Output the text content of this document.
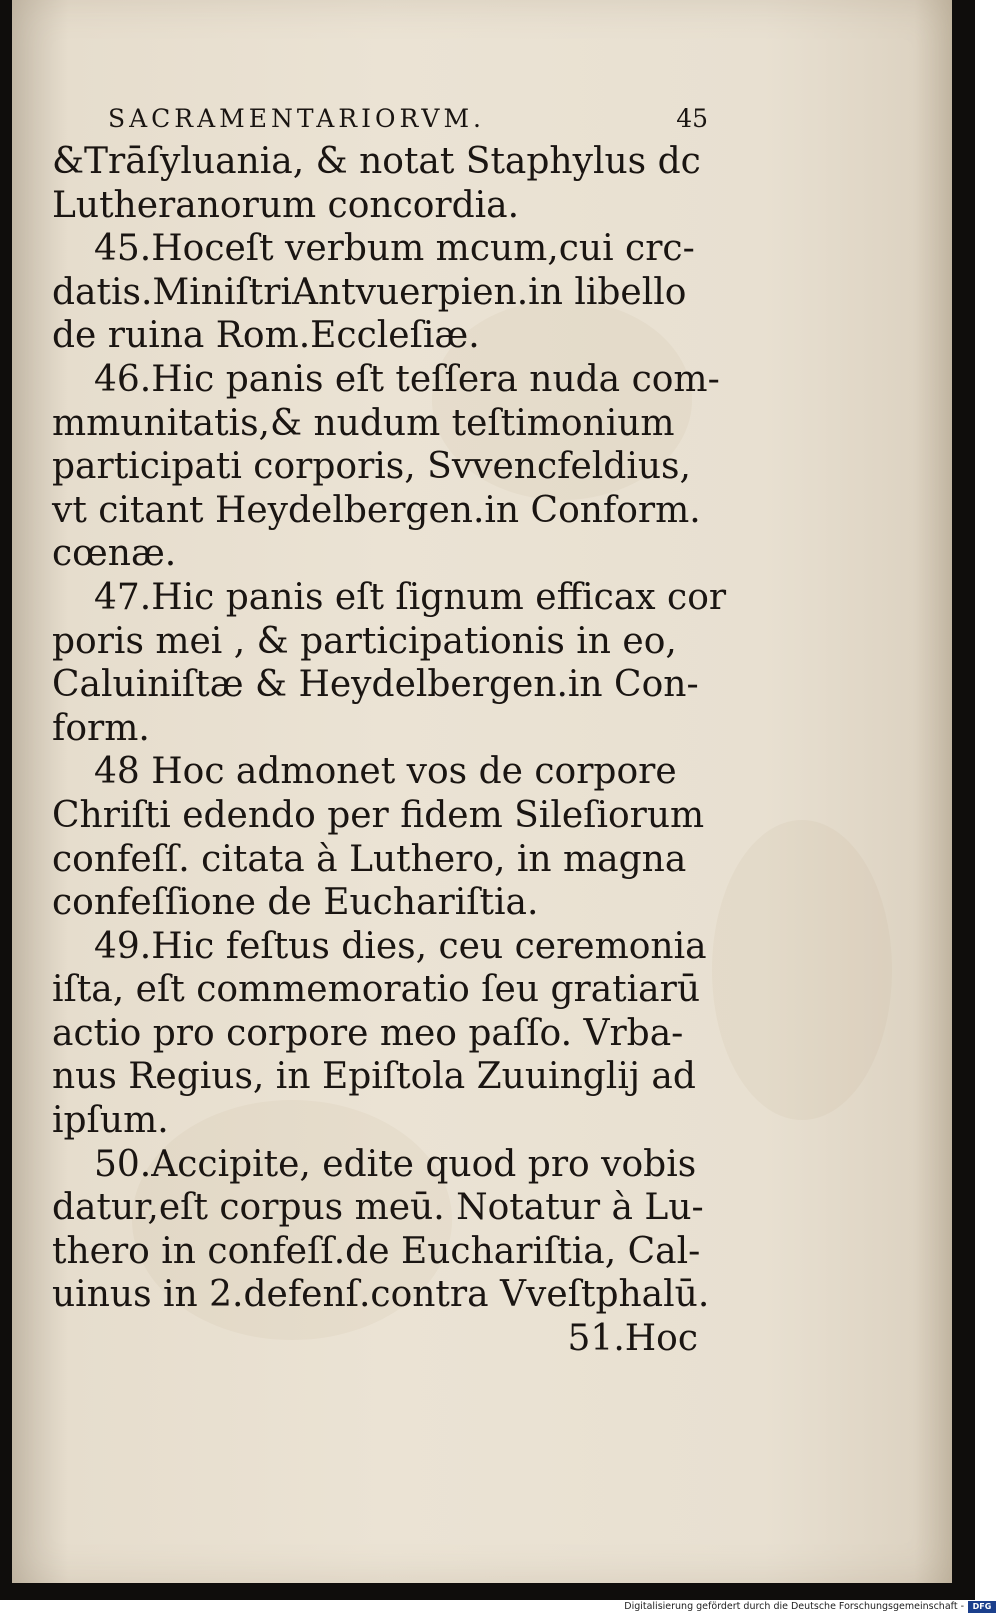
SACRAMENTARIORVM.	45
&Trāſyluania, & notat Staphylus dc
Lutheranorum concordia.
45.Hoceſt verbum mcum,cui crc-
datis.MiniſtriAntvuerpien.in libello
de ruina Rom.Eccleſiæ.
46.Hic panis eſt teſſera nuda com-
mmunitatis,& nudum teſtimonium
participati corporis, Svvencfeldius,
vt citant Heydelbergen.in Conform.
cœnæ.
47.Hic panis eſt ſignum efficax cor
poris mei , & participationis in eo,
Caluiniſtæ & Heydelbergen.in Con-
form.
48 Hoc admonet vos de corpore
Chriſti edendo per fidem Sileſiorum
confeſſ. citata à Luthero, in magna
confeſſione de Euchariſtia.
49.Hic feſtus dies, ceu ceremonia
iſta, eſt commemoratio ſeu gratiarū
actio pro corpore meo paſſo. Vrba-
nus Regius, in Epiſtola Zuuinglij ad
ipſum.
50.Accipite, edite quod pro vobis
datur,eſt corpus meū. Notatur à Lu-
thero in confeſſ.de Euchariſtia, Cal-
uinus in 2.defenſ.contra Vveſtphalū.
51.Hoc
Digitalisierung gefördert durch die Deutsche Forschungsgemeinschaft -	DFG
